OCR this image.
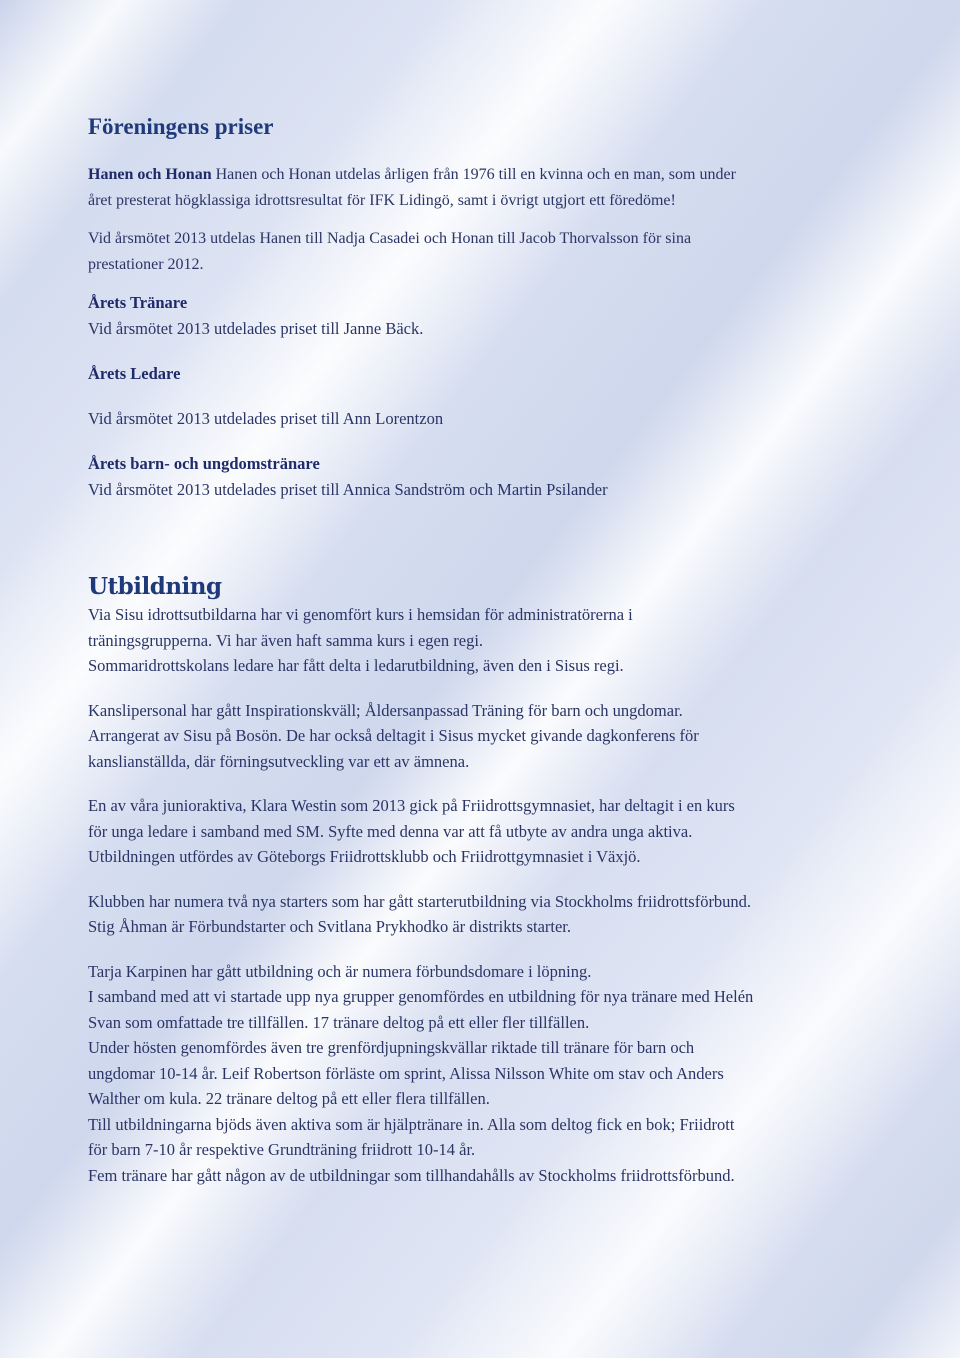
Föreningens priser

Hanen och Honan Hanen och Honan utdelas årligen från 1976 till en kvinna och en man, som under

året presterat högklassiga idrottsresultat för IFK Lidingö, samt i övrigt utgjort ett föredöme!

Vid årsmötet 2013 utdelas Hanen till Nadja Casadei och Honan till Jacob Thorvalsson för sina

prestationer 2012.

Årets Tränare

Vid årsmötet 2013 utdelades priset till Janne Bäck.

Årets Ledare

Vid årsmötet 2013 utdelades priset till Ann Lorentzon

Årets barn- och ungdomstränare

Vid årsmötet 2013 utdelades priset till Annica Sandström och Martin Psilander

Utbildning

Via Sisu idrottsutbildarna har vi genomfört kurs i hemsidan för administratörerna i

träningsgrupperna. Vi har även haft samma kurs i egen regi.

Sommaridrottskolans ledare har fått delta i ledarutbildning, även den i Sisus regi.

Kanslipersonal har gått Inspirationskväll; Åldersanpassad Träning för barn och ungdomar.

Arrangerat av Sisu på Bosön. De har också deltagit i Sisus mycket givande dagkonferens för

kanslianställda, där förningsutveckling var ett av ämnena.

En av våra junioraktiva, Klara Westin som 2013 gick på Friidrottsgymnasiet, har deltagit i en kurs

för unga ledare i samband med SM. Syfte med denna var att få utbyte av andra unga aktiva.

Utbildningen utfördes av Göteborgs Friidrottsklubb och Friidrottgymnasiet i Växjö.

Klubben har numera två nya starters som har gått starterutbildning via Stockholms friidrottsförbund.

Stig Åhman är Förbundstarter och Svitlana Prykhodko är distrikts starter.

Tarja Karpinen har gått utbildning och är numera förbundsdomare i löpning.

I samband med att vi startade upp nya grupper genomfördes en utbildning för nya tränare med Helén

Svan som omfattade tre tillfällen. 17 tränare deltog på ett eller fler tillfällen.

Under hösten genomfördes även tre grenfördjupningskvällar riktade till tränare för barn och

ungdomar 10-14 år. Leif Robertson förläste om sprint, Alissa Nilsson White om stav och Anders

Walther om kula. 22 tränare deltog på ett eller flera tillfällen.

Till utbildningarna bjöds även aktiva som är hjälptränare in. Alla som deltog fick en bok; Friidrott

för barn 7-10 år respektive Grundträning friidrott 10-14 år.

Fem tränare har gått någon av de utbildningar som tillhandahålls av Stockholms friidrottsförbund.
